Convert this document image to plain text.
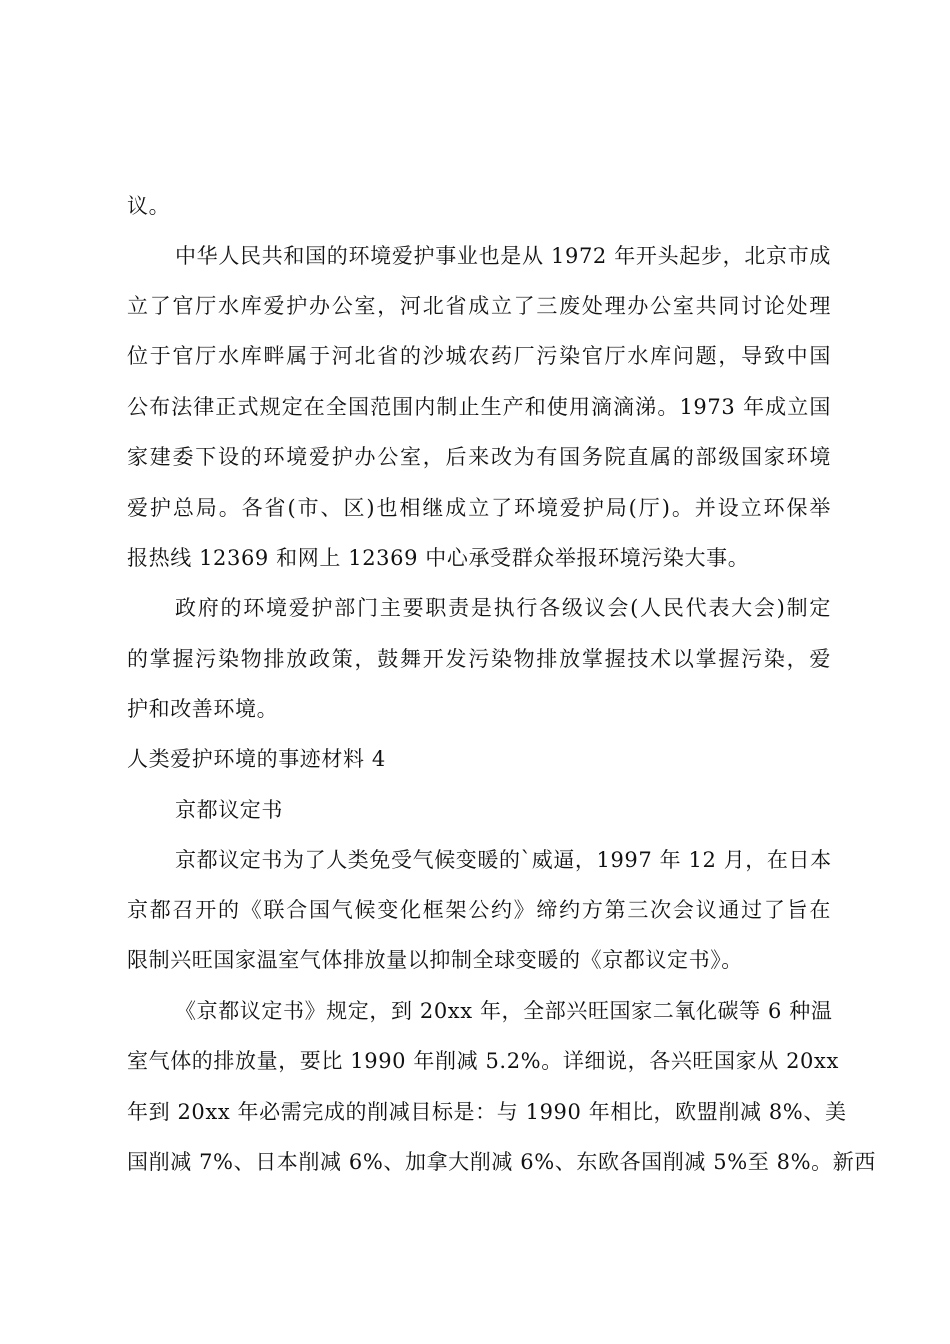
议。
中华人民共和国的环境爱护事业也是从 1972 年开头起步，北京市成
立了官厅水库爱护办公室，河北省成立了三废处理办公室共同讨论处理
位于官厅水库畔属于河北省的沙城农药厂污染官厅水库问题，导致中国
公布法律正式规定在全国范围内制止生产和使用滴滴涕。1973 年成立国
家建委下设的环境爱护办公室，后来改为有国务院直属的部级国家环境
爱护总局。各省(市、区)也相继成立了环境爱护局(厅)。并设立环保举
报热线 12369 和网上 12369 中心承受群众举报环境污染大事。
政府的环境爱护部门主要职责是执行各级议会(人民代表大会)制定
的掌握污染物排放政策，鼓舞开发污染物排放掌握技术以掌握污染，爱
护和改善环境。
人类爱护环境的事迹材料 4
京都议定书
京都议定书为了人类免受气候变暖的`威逼，1997 年 12 月，在日本
京都召开的《联合国气候变化框架公约》缔约方第三次会议通过了旨在
限制兴旺国家温室气体排放量以抑制全球变暖的《京都议定书》。
《京都议定书》规定，到 20xx 年，全部兴旺国家二氧化碳等 6 种温
室气体的排放量，要比 1990 年削减 5.2%。详细说，各兴旺国家从 20xx
年到 20xx 年必需完成的削减目标是：与 1990 年相比，欧盟削减 8%、美
国削减 7%、日本削减 6%、加拿大削减 6%、东欧各国削减 5%至 8%。新西
